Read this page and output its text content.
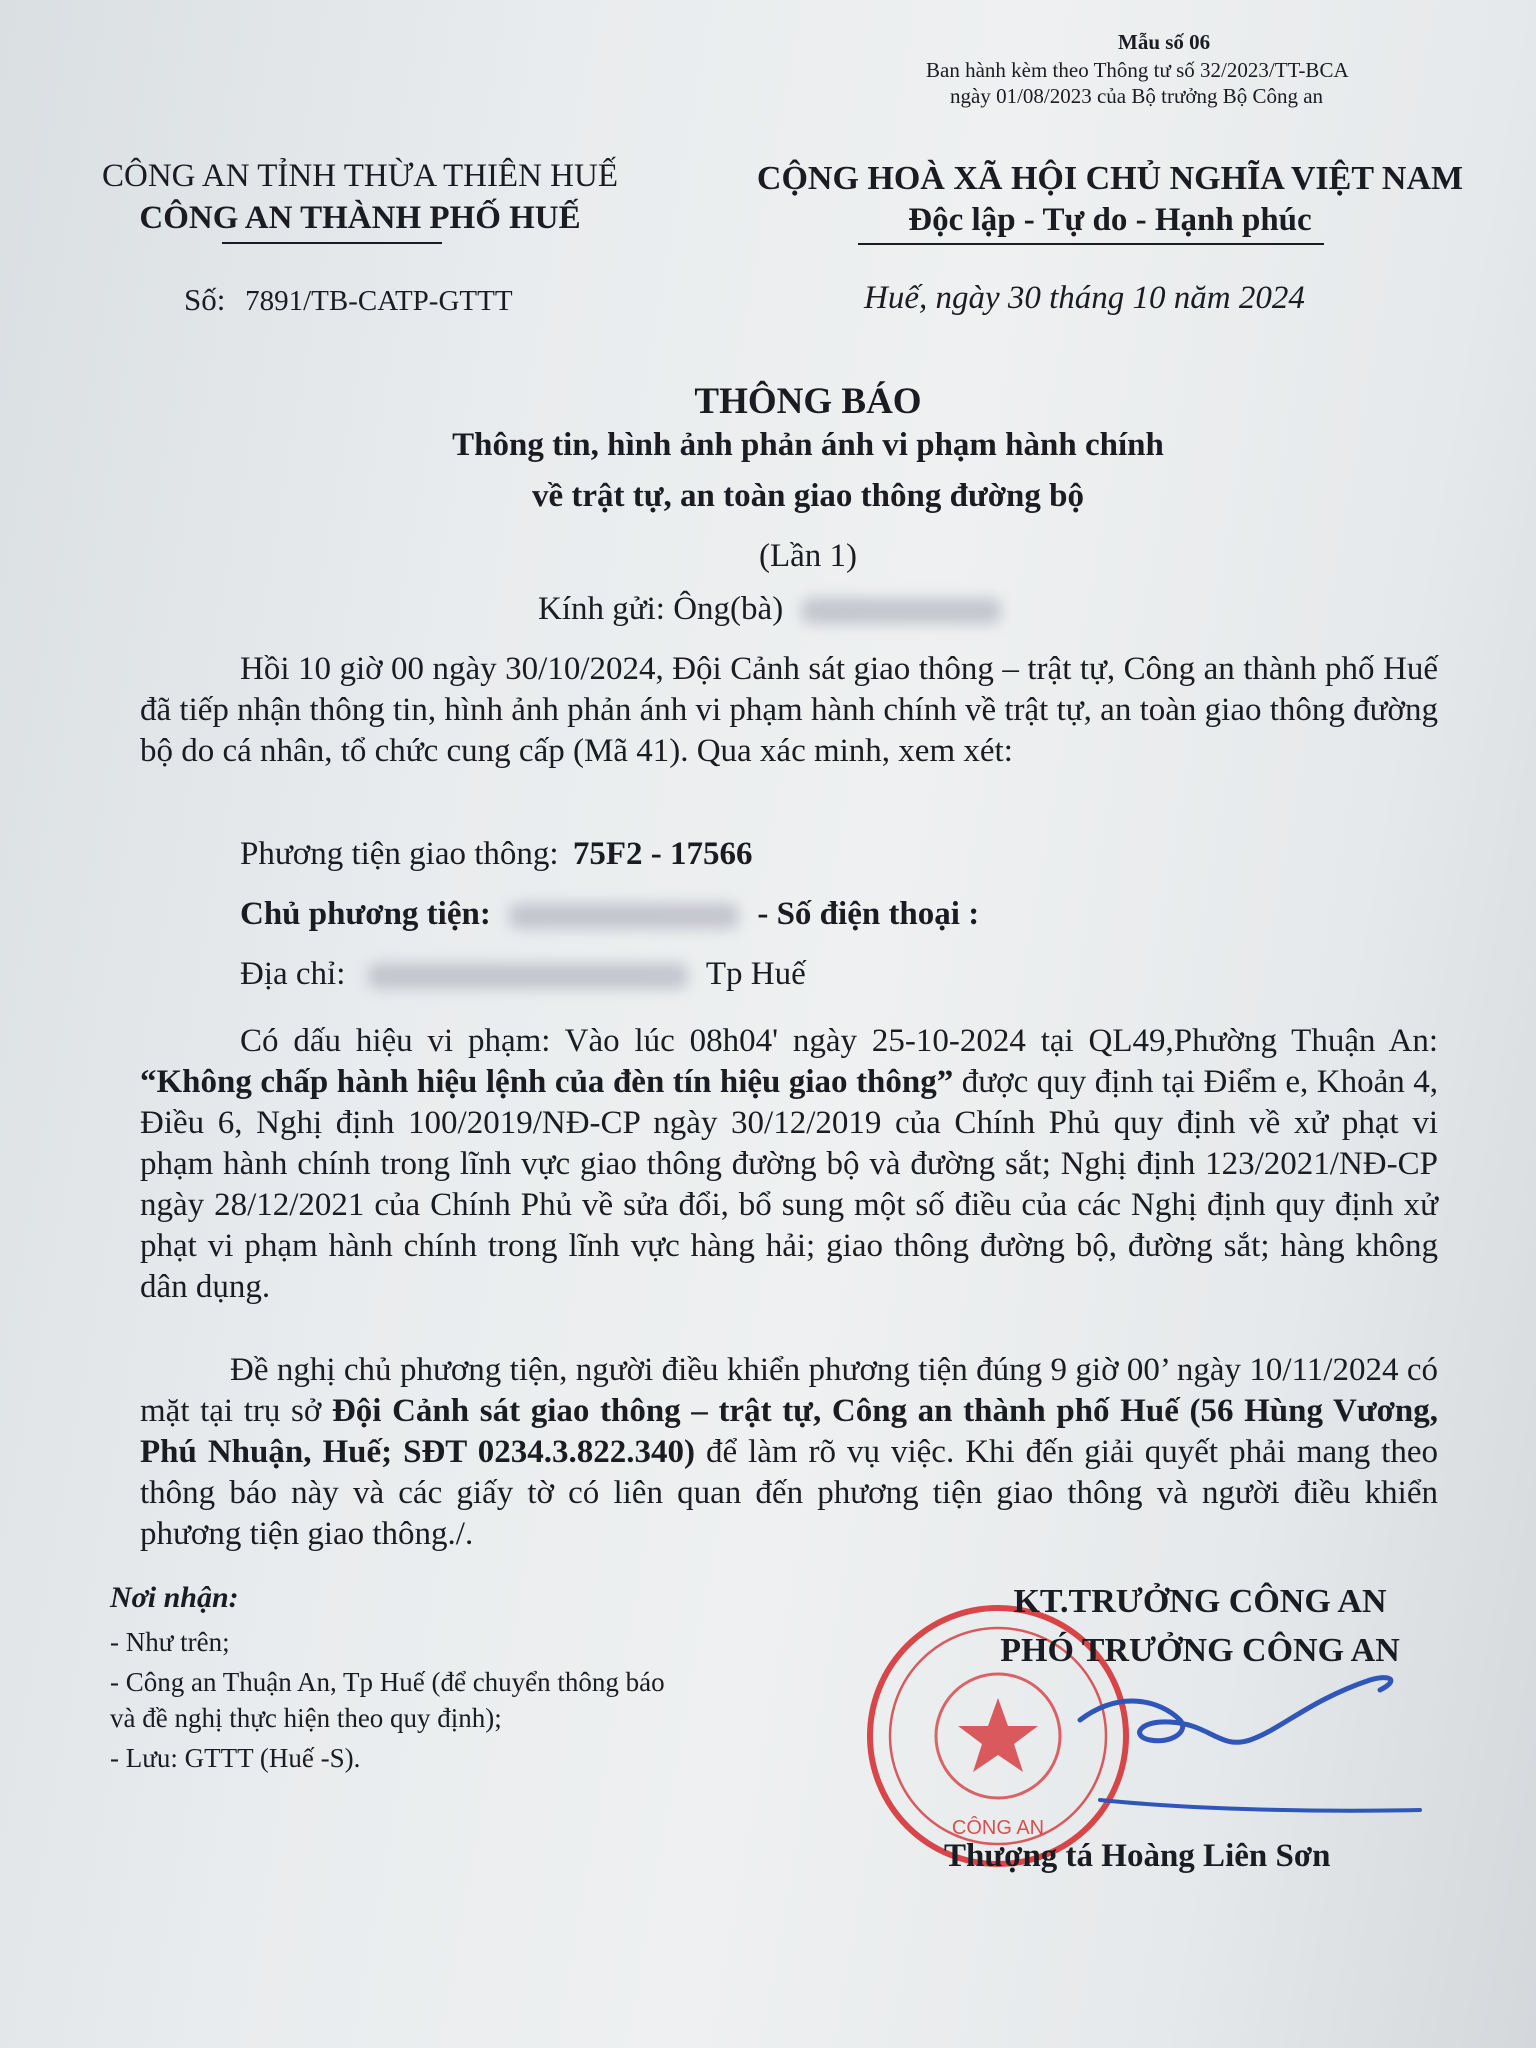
Mẫu số 06
Ban hành kèm theo Thông tư số 32/2023/TT-BCA
ngày 01/08/2023 của Bộ trưởng Bộ Công an
CÔNG AN TỈNH THỪA THIÊN HUẾ
CÔNG AN THÀNH PHỐ HUẾ
Số: 7891/TB-CATP-GTTT
CỘNG HOÀ XÃ HỘI CHỦ NGHĨA VIỆT NAM
Độc lập - Tự do - Hạnh phúc
Huế, ngày 30 tháng 10 năm 2024
THÔNG BÁO
Thông tin, hình ảnh phản ánh vi phạm hành chính
về trật tự, an toàn giao thông đường bộ
(Lần 1)
Kính gửi: Ông(bà)
Hồi 10 giờ 00 ngày 30/10/2024, Đội Cảnh sát giao thông – trật tự, Công an thành phố Huế đã tiếp nhận thông tin, hình ảnh phản ánh vi phạm hành chính về trật tự, an toàn giao thông đường bộ do cá nhân, tổ chức cung cấp (Mã 41). Qua xác minh, xem xét:
Phương tiện giao thông: 75F2 - 17566
Chủ phương tiện:	- Số điện thoại :
Địa chỉ:	Tp Huế
Có dấu hiệu vi phạm: Vào lúc 08h04' ngày 25-10-2024 tại QL49,Phường Thuận An: “Không chấp hành hiệu lệnh của đèn tín hiệu giao thông” được quy định tại Điểm e, Khoản 4, Điều 6, Nghị định 100/2019/NĐ-CP ngày 30/12/2019 của Chính Phủ quy định về xử phạt vi phạm hành chính trong lĩnh vực giao thông đường bộ và đường sắt; Nghị định 123/2021/NĐ-CP ngày 28/12/2021 của Chính Phủ về sửa đổi, bổ sung một số điều của các Nghị định quy định xử phạt vi phạm hành chính trong lĩnh vực hàng hải; giao thông đường bộ, đường sắt; hàng không dân dụng.
Đề nghị chủ phương tiện, người điều khiển phương tiện đúng 9 giờ 00’ ngày 10/11/2024 có mặt tại trụ sở Đội Cảnh sát giao thông – trật tự, Công an thành phố Huế (56 Hùng Vương, Phú Nhuận, Huế; SĐT 0234.3.822.340) để làm rõ vụ việc. Khi đến giải quyết phải mang theo thông báo này và các giấy tờ có liên quan đến phương tiện giao thông và người điều khiển phương tiện giao thông./.
Nơi nhận:
- Như trên;
- Công an Thuận An, Tp Huế (để chuyển thông báo
và đề nghị thực hiện theo quy định);
- Lưu: GTTT (Huế -S).
CÔNG AN
KT.TRƯỞNG CÔNG AN
PHÓ TRƯỞNG CÔNG AN
Thượng tá Hoàng Liên Sơn
